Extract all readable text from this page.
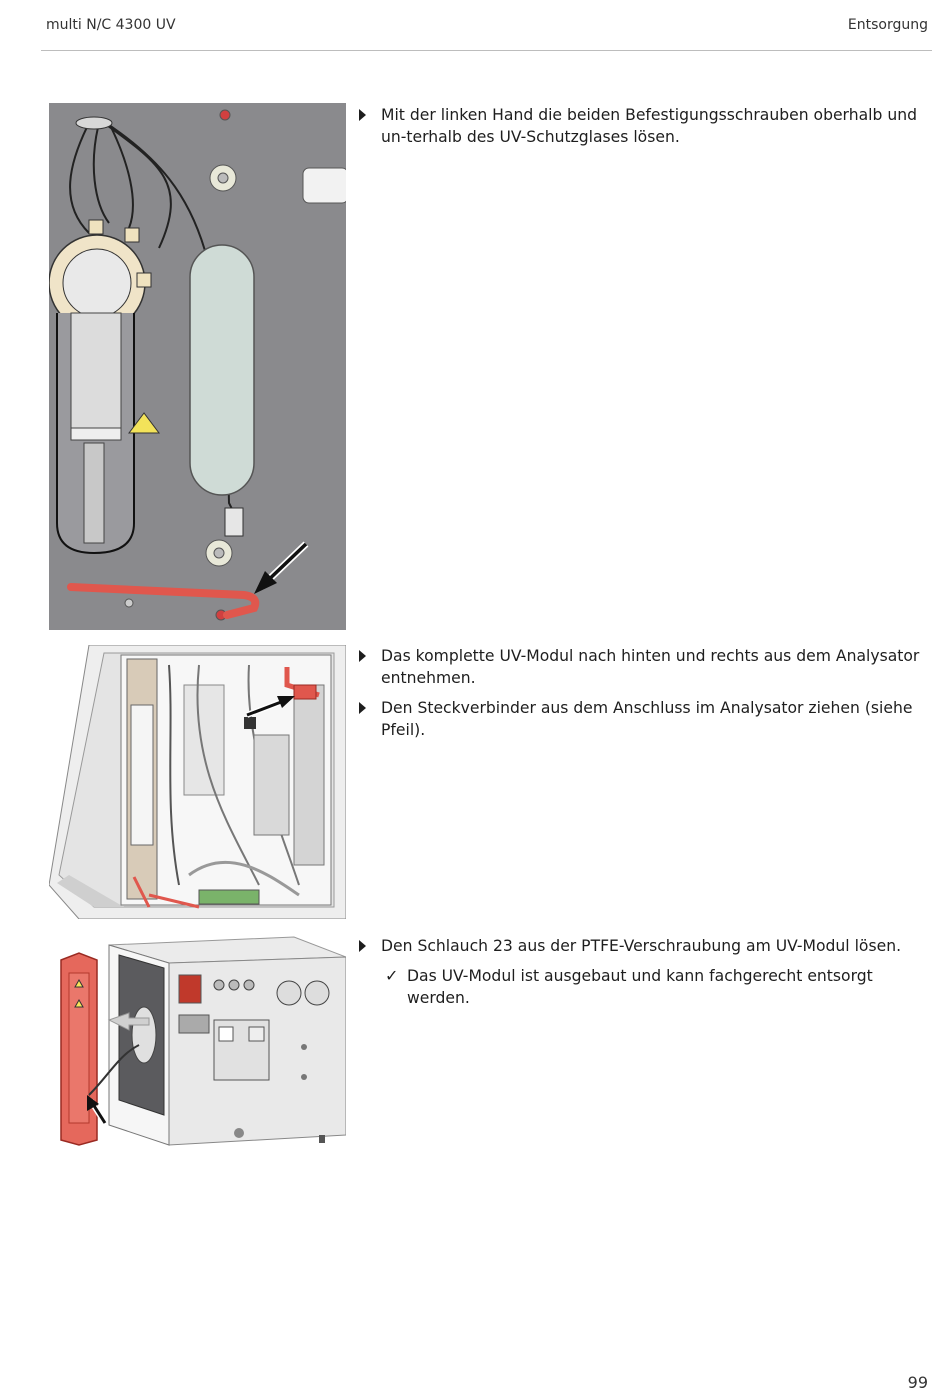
multi N/C 4300 UV	Entsorgung
Mit der linken Hand die beiden Befestigungsschrauben oberhalb und un-terhalb des UV-Schutzglases lösen.
Das komplette UV-Modul nach hinten und rechts aus dem Analysator entnehmen.
Den Steckverbinder aus dem Anschluss im Analysator ziehen (siehe Pfeil).
Den Schlauch 23 aus der PTFE-Verschraubung am UV-Modul lösen.
✓ Das UV-Modul ist ausgebaut und kann fachgerecht entsorgt werden.
99
